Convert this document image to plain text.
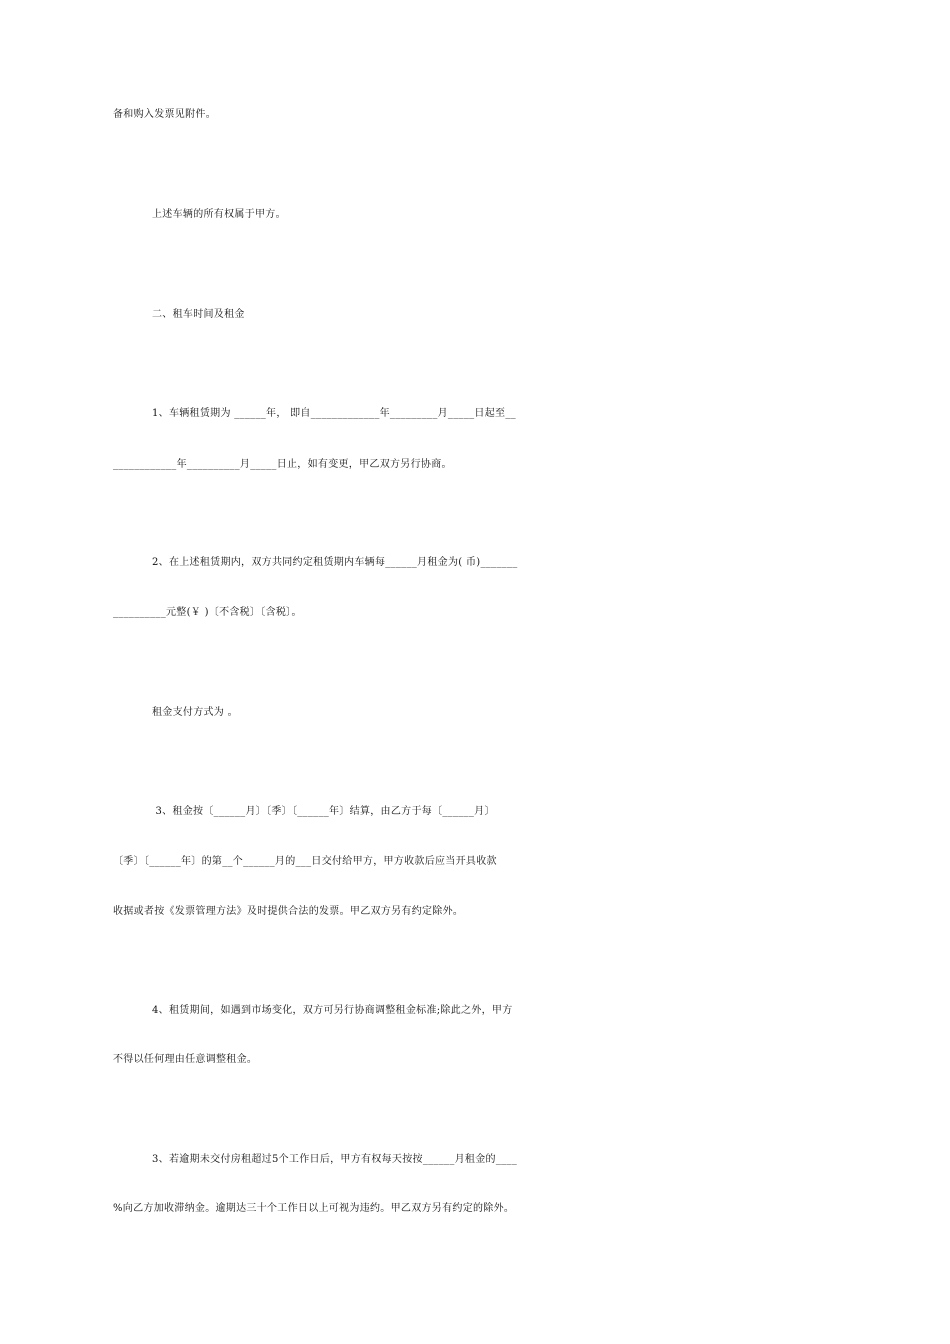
备和购入发票见附件。
上述车辆的所有权属于甲方。
二、租车时间及租金
1、车辆租赁期为 ______年， 即自_____________年_________月_____日起至__
____________年__________月_____日止，如有变更，甲乙双方另行协商。
2、在上述租赁期内，双方共同约定租赁期内车辆每______月租金为( 币)_______
__________元整(￥ )〔不含税〕〔含税〕。
租金支付方式为 。
3、租金按〔______月〕〔季〕〔______年〕结算，由乙方于每〔______月〕
〔季〕〔______年〕的第__个______月的___日交付给甲方，甲方收款后应当开具收款
收据或者按《发票管理方法》及时提供合法的发票。甲乙双方另有约定除外。
4、租赁期间，如遇到市场变化，双方可另行协商调整租金标准;除此之外，甲方
不得以任何理由任意调整租金。
3、若逾期未交付房租超过5个工作日后，甲方有权每天按按______月租金的____
%向乙方加收滞纳金。逾期达三十个工作日以上可视为违约。甲乙双方另有约定的除外。
